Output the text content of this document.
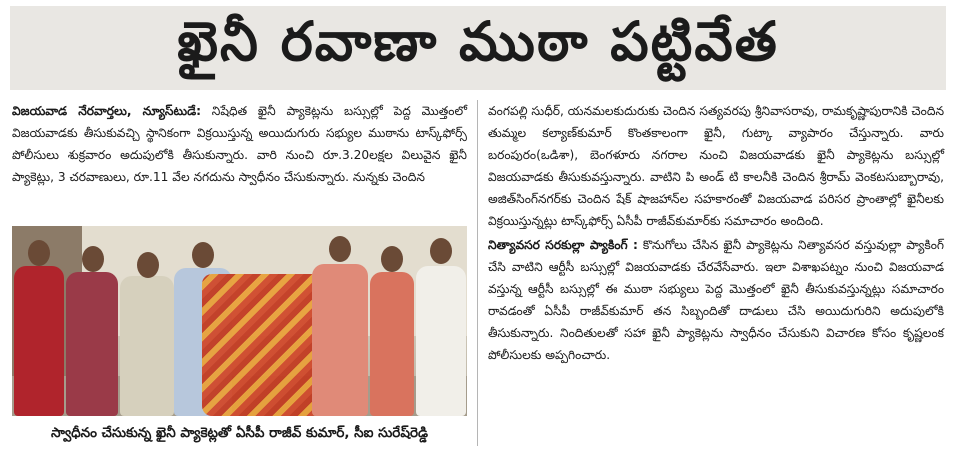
ఖైనీ రవాణా ముఠా పట్టివేత

విజయవాడ నేరవార్తలు, న్యూస్‌టుడే: నిషేధిత ఖైనీ ప్యాకెట్లను బస్సుల్లో పెద్ద మొత్తంలో విజయవాడకు తీసుకువచ్చి స్థానికంగా విక్రయిస్తున్న అయిదుగురు సభ్యుల ముఠాను టాస్క్‌ఫోర్స్ పోలీసులు శుక్రవారం అదుపులోకి తీసుకున్నారు. వారి నుంచి రూ.3.20లక్షల విలువైన ఖైనీ ప్యాకెట్లు, 3 చరవాణులు, రూ.11 వేల నగదును స్వాధీనం చేసుకున్నారు. నున్నకు చెందిన

స్వాధీనం చేసుకున్న ఖైనీ ప్యాకెట్లతో ఏసీపీ రాజీవ్ కుమార్, సీఐ సురేష్‌రెడ్డి

వంగపల్లి సుధీర్, యనమలకుదురుకు చెందిన సత్యవరపు శ్రీనివాసరావు, రామకృష్ణాపురానికి చెందిన తుమ్మల కల్యాణ్‌కుమార్ కొంతకాలంగా ఖైనీ, గుట్కా వ్యాపారం చేస్తున్నారు. వారు బరంపురం(ఒడిశా), బెంగళూరు నగరాల నుంచి విజయవాడకు ఖైనీ ప్యాకెట్లను బస్సుల్లో విజయవాడకు తీసుకువస్తున్నారు. వాటిని పి అండ్ టి కాలనీకి చెందిన శ్రీరామ్ వెంకటసుబ్బారావు, అజిత్‌సింగ్‌నగర్‌కు చెందిన షేక్ షాజహాన్‌ల సహకారంతో విజయవాడ పరిసర ప్రాంతాల్లో ఖైనీలకు విక్రయిస్తున్నట్లు టాస్క్‌ఫోర్స్ ఏసీపీ రాజీవ్‌కుమార్‌కు సమాచారం అందింది.

నిత్యావసర సరకుల్లా ప్యాకింగ్ : కొనుగోలు చేసిన ఖైనీ ప్యాకెట్లను నిత్యావసర వస్తువుల్లా ప్యాకింగ్ చేసి వాటిని ఆర్టీసీ బస్సుల్లో విజయవాడకు చేరవేసేవారు. ఇలా విశాఖపట్నం నుంచి విజయవాడ వస్తున్న ఆర్టీసీ బస్సుల్లో ఈ ముఠా సభ్యులు పెద్ద మొత్తంలో ఖైనీ తీసుకువస్తున్నట్లు సమాచారం రావడంతో ఏసీపీ రాజీవ్‌కుమార్ తన సిబ్బందితో దాడులు చేసి అయిదుగురిని అదుపులోకి తీసుకున్నారు. నిందితులతో సహా ఖైనీ ప్యాకెట్లను స్వాధీనం చేసుకుని విచారణ కోసం కృష్ణలంక పోలీసులకు అప్పగించారు.
